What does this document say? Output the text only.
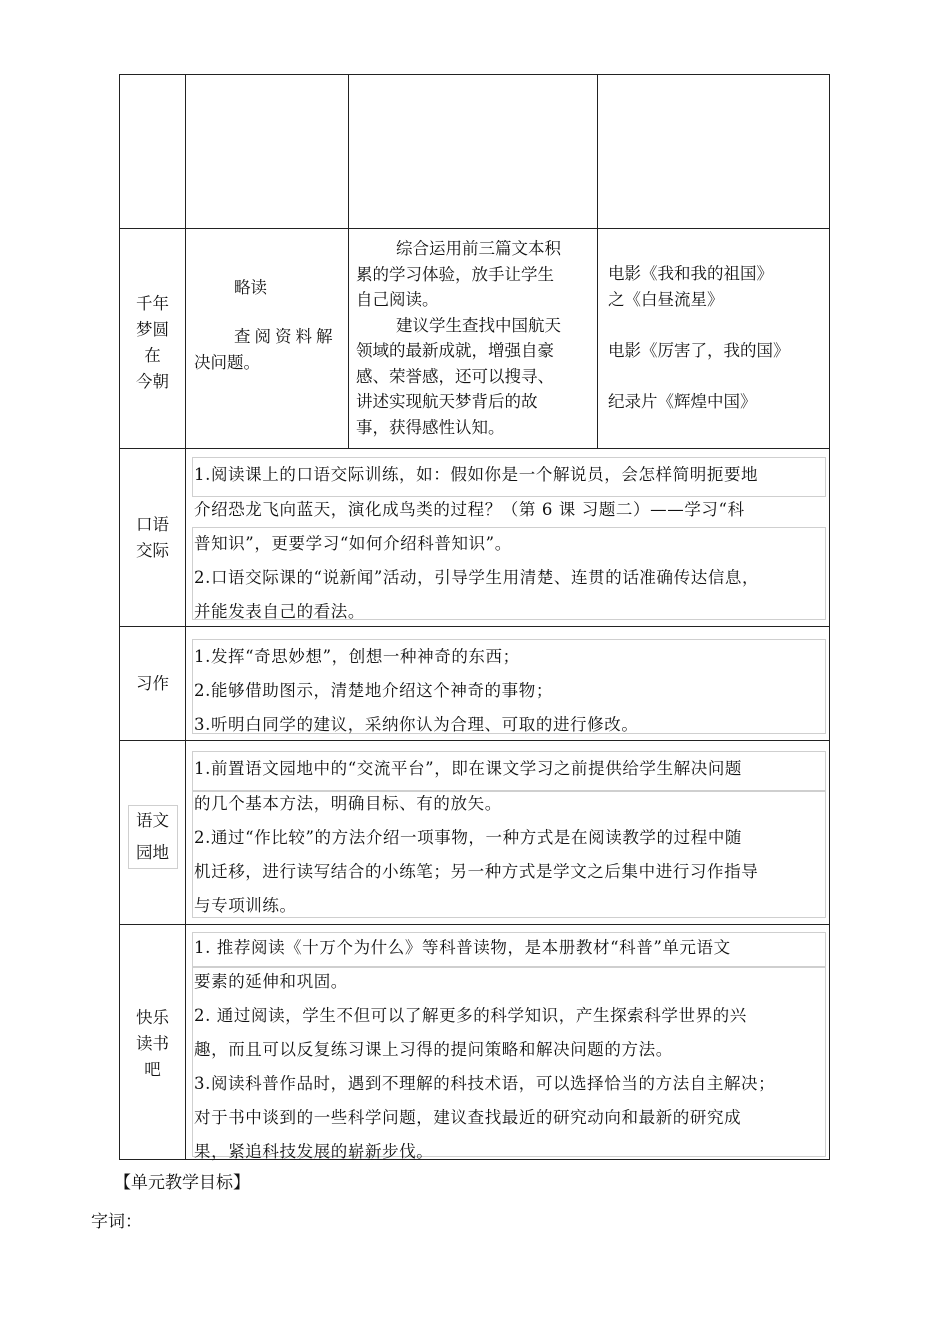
千年
梦圆
在
今朝
略读
查阅资料解
决问题。
综合运用前三篇文本积
累的学习体验，放手让学生
自己阅读。
建议学生查找中国航天
领域的最新成就，增强自豪
感、荣誉感，还可以搜寻、
讲述实现航天梦背后的故
事，获得感性认知。
电影《我和我的祖国》
之《白昼流星》
电影《厉害了，我的国》
纪录片《辉煌中国》
口语
交际
1.阅读课上的口语交际训练，如：假如你是一个解说员，会怎样简明扼要地
介绍恐龙飞向蓝天，演化成鸟类的过程？（第 6 课 习题二）——学习“科
普知识”，更要学习“如何介绍科普知识”。
2.口语交际课的“说新闻”活动，引导学生用清楚、连贯的话准确传达信息，
并能发表自己的看法。
习作
1.发挥“奇思妙想”，创想一种神奇的东西；
2.能够借助图示，清楚地介绍这个神奇的事物；
3.听明白同学的建议，采纳你认为合理、可取的进行修改。
语文
园地
1.前置语文园地中的“交流平台”，即在课文学习之前提供给学生解决问题
的几个基本方法，明确目标、有的放矢。
2.通过“作比较”的方法介绍一项事物，一种方式是在阅读教学的过程中随
机迁移，进行读写结合的小练笔；另一种方式是学文之后集中进行习作指导
与专项训练。
快乐
读书
吧
1. 推荐阅读《十万个为什么》等科普读物，是本册教材“科普”单元语文
要素的延伸和巩固。
2. 通过阅读，学生不但可以了解更多的科学知识，产生探索科学世界的兴
趣，而且可以反复练习课上习得的提问策略和解决问题的方法。
3.阅读科普作品时，遇到不理解的科技术语，可以选择恰当的方法自主解决；
对于书中谈到的一些科学问题，建议查找最近的研究动向和最新的研究成
果，紧追科技发展的崭新步伐。
【单元教学目标】
字词：
